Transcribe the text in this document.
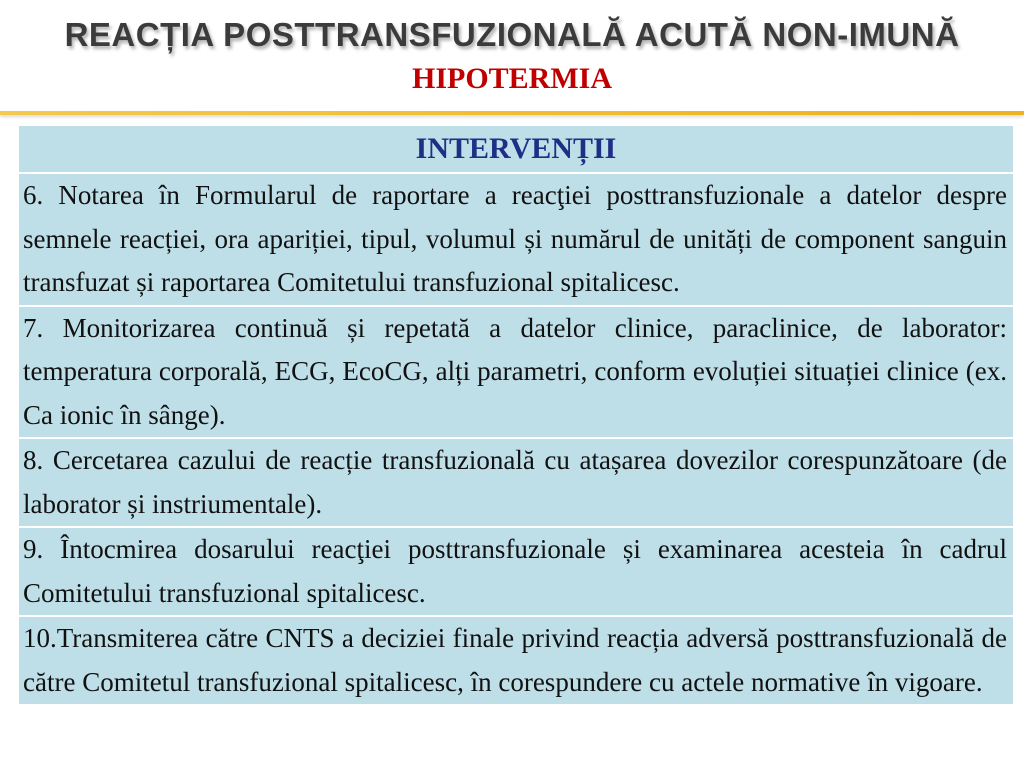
REACȚIA POSTTRANSFUZIONALĂ ACUTĂ NON-IMUNĂ
HIPOTERMIA
INTERVENȚII
6. Notarea în Formularul de raportare a reacţiei posttransfuzionale a datelor despre semnele reacției, ora apariției, tipul, volumul și numărul de unități de component sanguin transfuzat și raportarea Comitetului transfuzional spitalicesc.
7. Monitorizarea continuă și repetată a datelor clinice, paraclinice, de laborator: temperatura corporală, ECG, EcoCG, alți parametri, conform evoluției situației clinice (ex. Ca ionic în sânge).
8. Cercetarea cazului de reacție transfuzională cu atașarea dovezilor corespunzătoare (de laborator și instriumentale).
9. Întocmirea dosarului reacţiei posttransfuzionale și examinarea acesteia în cadrul Comitetului transfuzional spitalicesc.
10.Transmiterea către CNTS a deciziei finale privind reacția adversă posttransfuzională de către Comitetul transfuzional spitalicesc, în corespundere cu actele normative în vigoare.
